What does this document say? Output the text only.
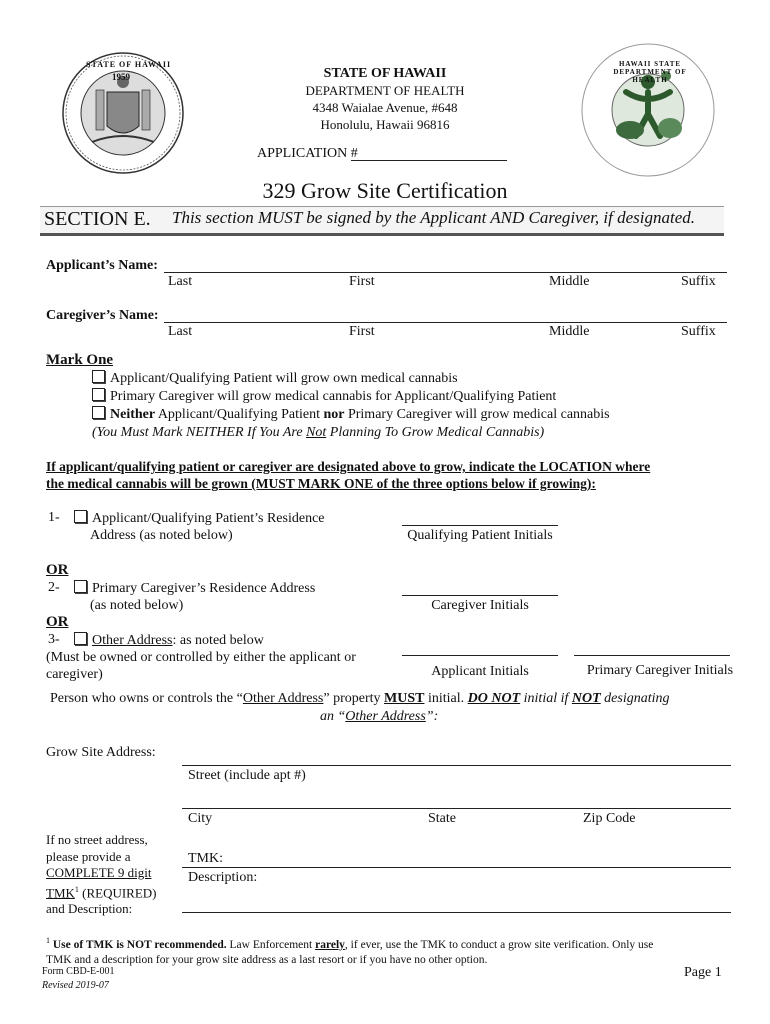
STATE OF HAWAII
1959
HAWAII STATE DEPARTMENT OF HEALTH
STATE OF HAWAII
DEPARTMENT OF HEALTH
4348 Waialae Avenue, #648
Honolulu, Hawaii 96816
APPLICATION #
329 Grow Site Certification
SECTION E. This section MUST be signed by the Applicant AND Caregiver, if designated.
Applicant’s Name:
Last	First	Middle	Suffix
Caregiver’s Name:
Last	First	Middle	Suffix
Mark One
Applicant/Qualifying Patient will grow own medical cannabis
Primary Caregiver will grow medical cannabis for Applicant/Qualifying Patient
Neither Applicant/Qualifying Patient nor Primary Caregiver will grow medical cannabis
(You Must Mark NEITHER If You Are Not Planning To Grow Medical Cannabis)
If applicant/qualifying patient or caregiver are designated above to grow, indicate the LOCATION where
the medical cannabis will be grown (MUST MARK ONE of the three options below if growing):
1-	Applicant/Qualifying Patient’s Residence
Address (as noted below)	Qualifying Patient Initials
OR
2-	Primary Caregiver’s Residence Address
(as noted below)	Caregiver Initials
OR
3-	Other Address: as noted below
(Must be owned or controlled by either the applicant or
caregiver)	Applicant Initials	Primary Caregiver Initials
Person who owns or controls the “Other Address” property MUST initial. DO NOT initial if NOT designating
an “Other Address”:
Grow Site Address:
Street (include apt #)
City	State	Zip Code
TMK:
Description:
If no street address,
please provide a
COMPLETE 9 digit
TMK$^1$ (REQUIRED)
and Description:
$^1$ Use of TMK is NOT recommended. Law Enforcement rarely, if ever, use the TMK to conduct a grow site verification. Only use
TMK and a description for your grow site address as a last resort or if you have no other option.
Form CBD-E-001
Revised 2019-07
Page 1
